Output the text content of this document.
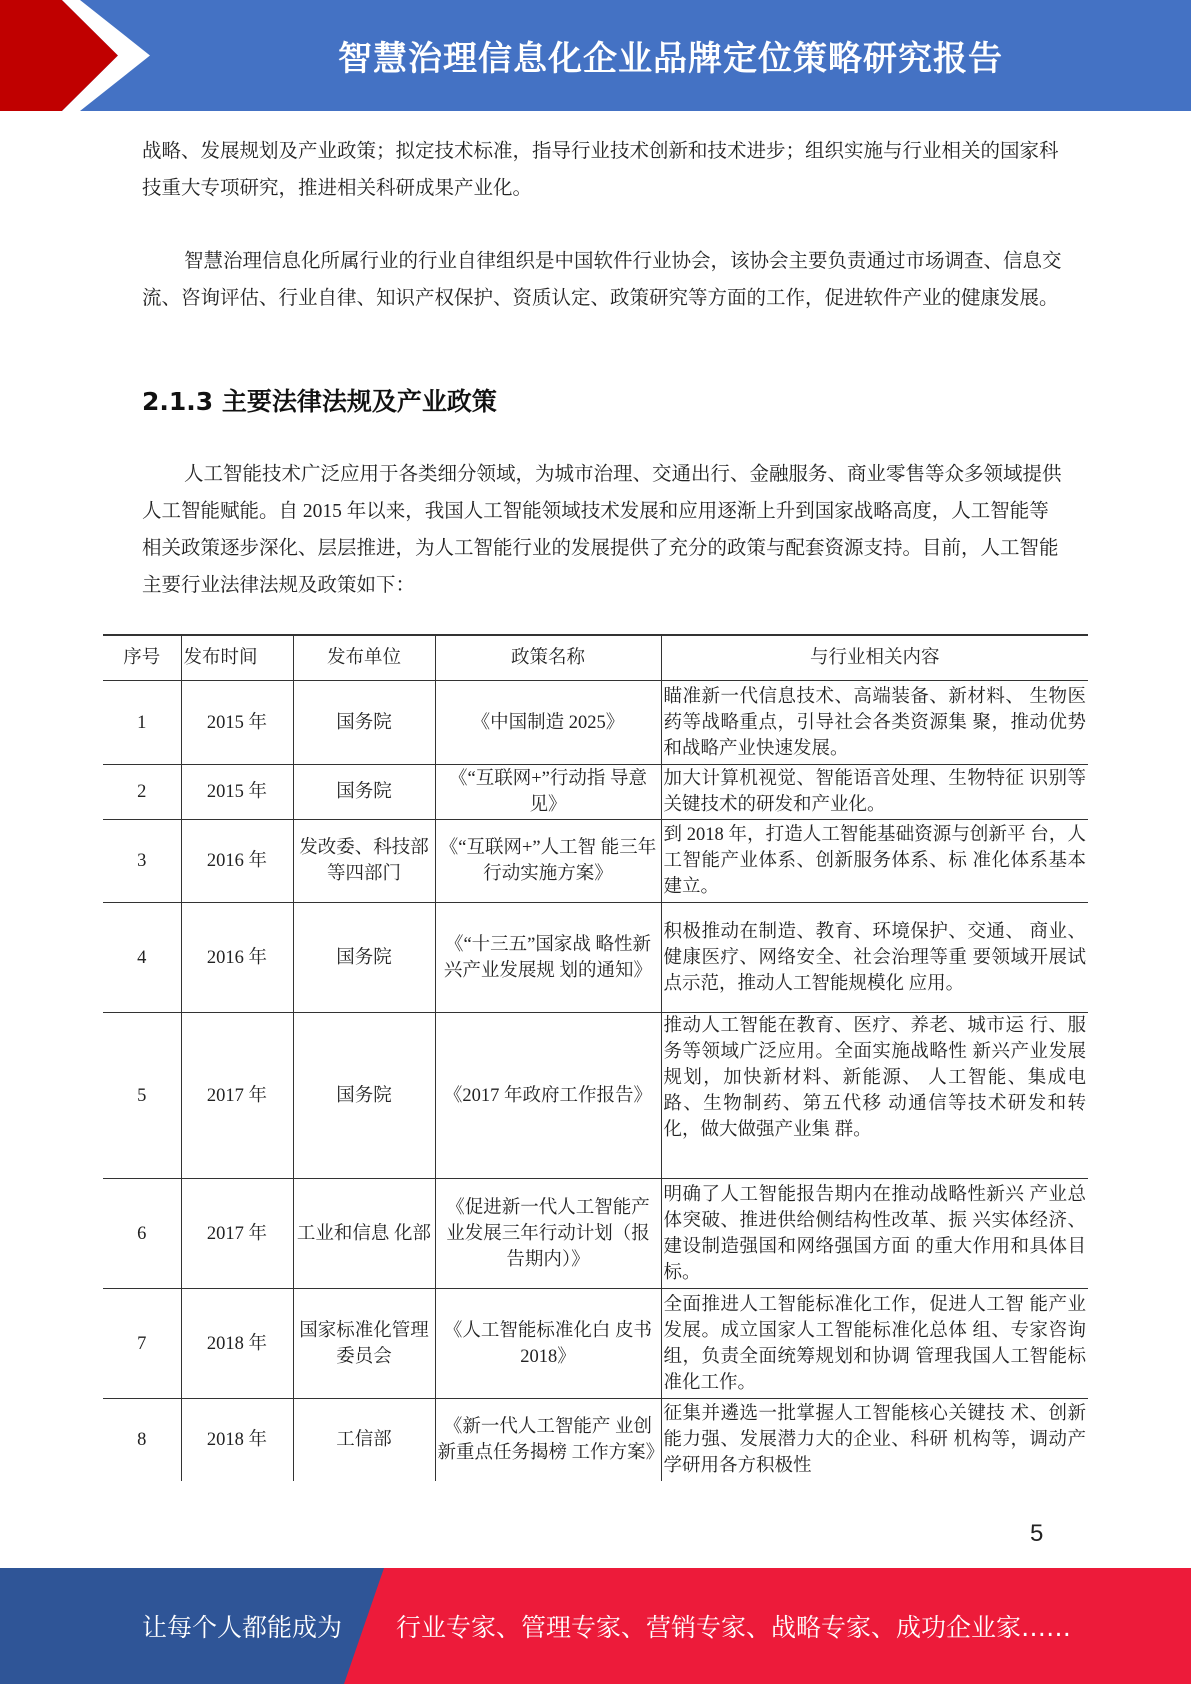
智慧治理信息化企业品牌定位策略研究报告

战略、发展规划及产业政策；拟定技术标准，指导行业技术创新和技术进步；组织实施与行业相关的国家科技重大专项研究，推进相关科研成果产业化。

智慧治理信息化所属行业的行业自律组织是中国软件行业协会，该协会主要负责通过市场调查、信息交流、咨询评估、行业自律、知识产权保护、资质认定、政策研究等方面的工作，促进软件产业的健康发展。

2.1.3 主要法律法规及产业政策

人工智能技术广泛应用于各类细分领域，为城市治理、交通出行、金融服务、商业零售等众多领域提供人工智能赋能。自 2015 年以来，我国人工智能领域技术发展和应用逐渐上升到国家战略高度，人工智能等相关政策逐步深化、层层推进，为人工智能行业的发展提供了充分的政策与配套资源支持。目前，人工智能主要行业法律法规及政策如下：

序号	发布时间	发布单位	政策名称	与行业相关内容
1	2015 年	国务院	《中国制造 2025》	瞄准新一代信息技术、高端装备、新材料、 生物医药等战略重点，引导社会各类资源集 聚，推动优势和战略产业快速发展。
2	2015 年	国务院	《“互联网+”行动指 导意见》	加大计算机视觉、智能语音处理、生物特征 识别等关键技术的研发和产业化。
3	2016 年	发改委、科技部等四部门	《“互联网+”人工智 能三年行动实施方案》	到 2018 年，打造人工智能基础资源与创新平 台，人工智能产业体系、创新服务体系、标 准化体系基本建立。
4	2016 年	国务院	《“十三五”国家战 略性新兴产业发展规 划的通知》	积极推动在制造、教育、环境保护、交通、 商业、健康医疗、网络安全、社会治理等重 要领域开展试点示范，推动人工智能规模化 应用。
5	2017 年	国务院	《2017 年政府工作报告》	推动人工智能在教育、医疗、养老、城市运 行、服务等领域广泛应用。全面实施战略性 新兴产业发展规划，加快新材料、新能源、 人工智能、集成电路、生物制药、第五代移 动通信等技术研发和转化，做大做强产业集 群。
6	2017 年	工业和信息 化部	《促进新一代人工智能产业发展三年行动计划（报告期内）》	明确了人工智能报告期内在推动战略性新兴 产业总体突破、推进供给侧结构性改革、振 兴实体经济、建设制造强国和网络强国方面 的重大作用和具体目标。
7	2018 年	国家标准化管理委员会	《人工智能标准化白 皮书 2018》	全面推进人工智能标准化工作，促进人工智 能产业发展。成立国家人工智能标准化总体 组、专家咨询组，负责全面统筹规划和协调 管理我国人工智能标准化工作。
8	2018 年	工信部	《新一代人工智能产 业创新重点任务揭榜 工作方案》	征集并遴选一批掌握人工智能核心关键技 术、创新能力强、发展潜力大的企业、科研 机构等，调动产学研用各方积极性
5
让每个人都能成为 行业专家、管理专家、营销专家、战略专家、成功企业家……
